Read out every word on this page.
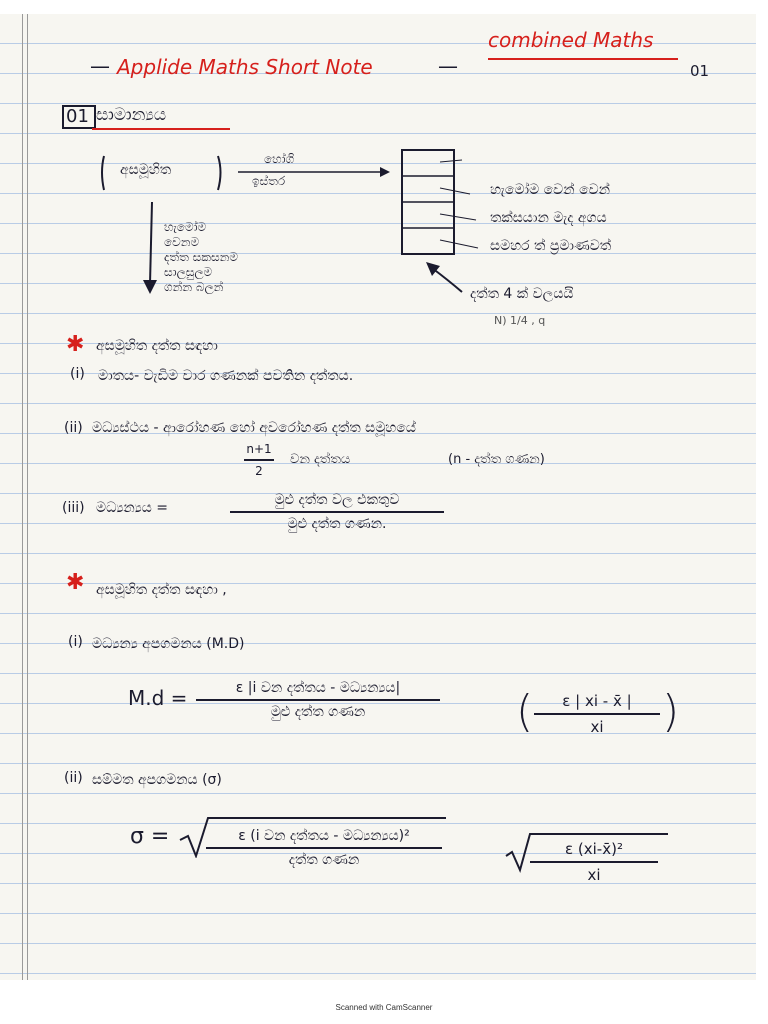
combined Maths
01
— Applide Maths Short Note	—
01 සාමාන්‍යය
අසමූහිත
හෝගි
ඉස්තර
හැමෝම
වෙනම
දත්ත සකසනම
සාලසුලම
ගන්න බලන්
හැමෝම වෙන් වෙන්
තක්සයාන මැද අගය
සමහර ත් ප්‍රමාණවත්
දත්ත 4 ක් වලයයි
N) 1/4 , q
✱ අසමූහිත දත්ත සඳහා
(i) මාතය- වැඩිම වාර ගණනක් පවතින දත්තය.
(ii) මධ්‍යස්ථය - ආරෝහණ හෝ අවරෝහණ දත්ත සමූහයේ
n+1
2
වන දත්තය	(n - දත්ත ගණන)
(iii) මධ්‍යන්‍යය =	මුළු දත්ත වල එකතුව
මුළු දත්ත ගණන.
✱ අසමූහිත දත්ත සඳහා ,
(i) මධ්‍යන්‍ය අපගමනය (M.D)
M.d =	ε |i වන දත්තය - මධ්‍යන්‍යය|
මුළු දත්ත ගණන	(	ε | xi - x̄ |
xi	)
(ii) සම්මත අපගමනය (σ)
σ =	ε (i වන දත්තය - මධ්‍යන්‍යය)²
දත්ත ගණන
ε (xi-x̄)²
xi
Scanned with CamScanner
